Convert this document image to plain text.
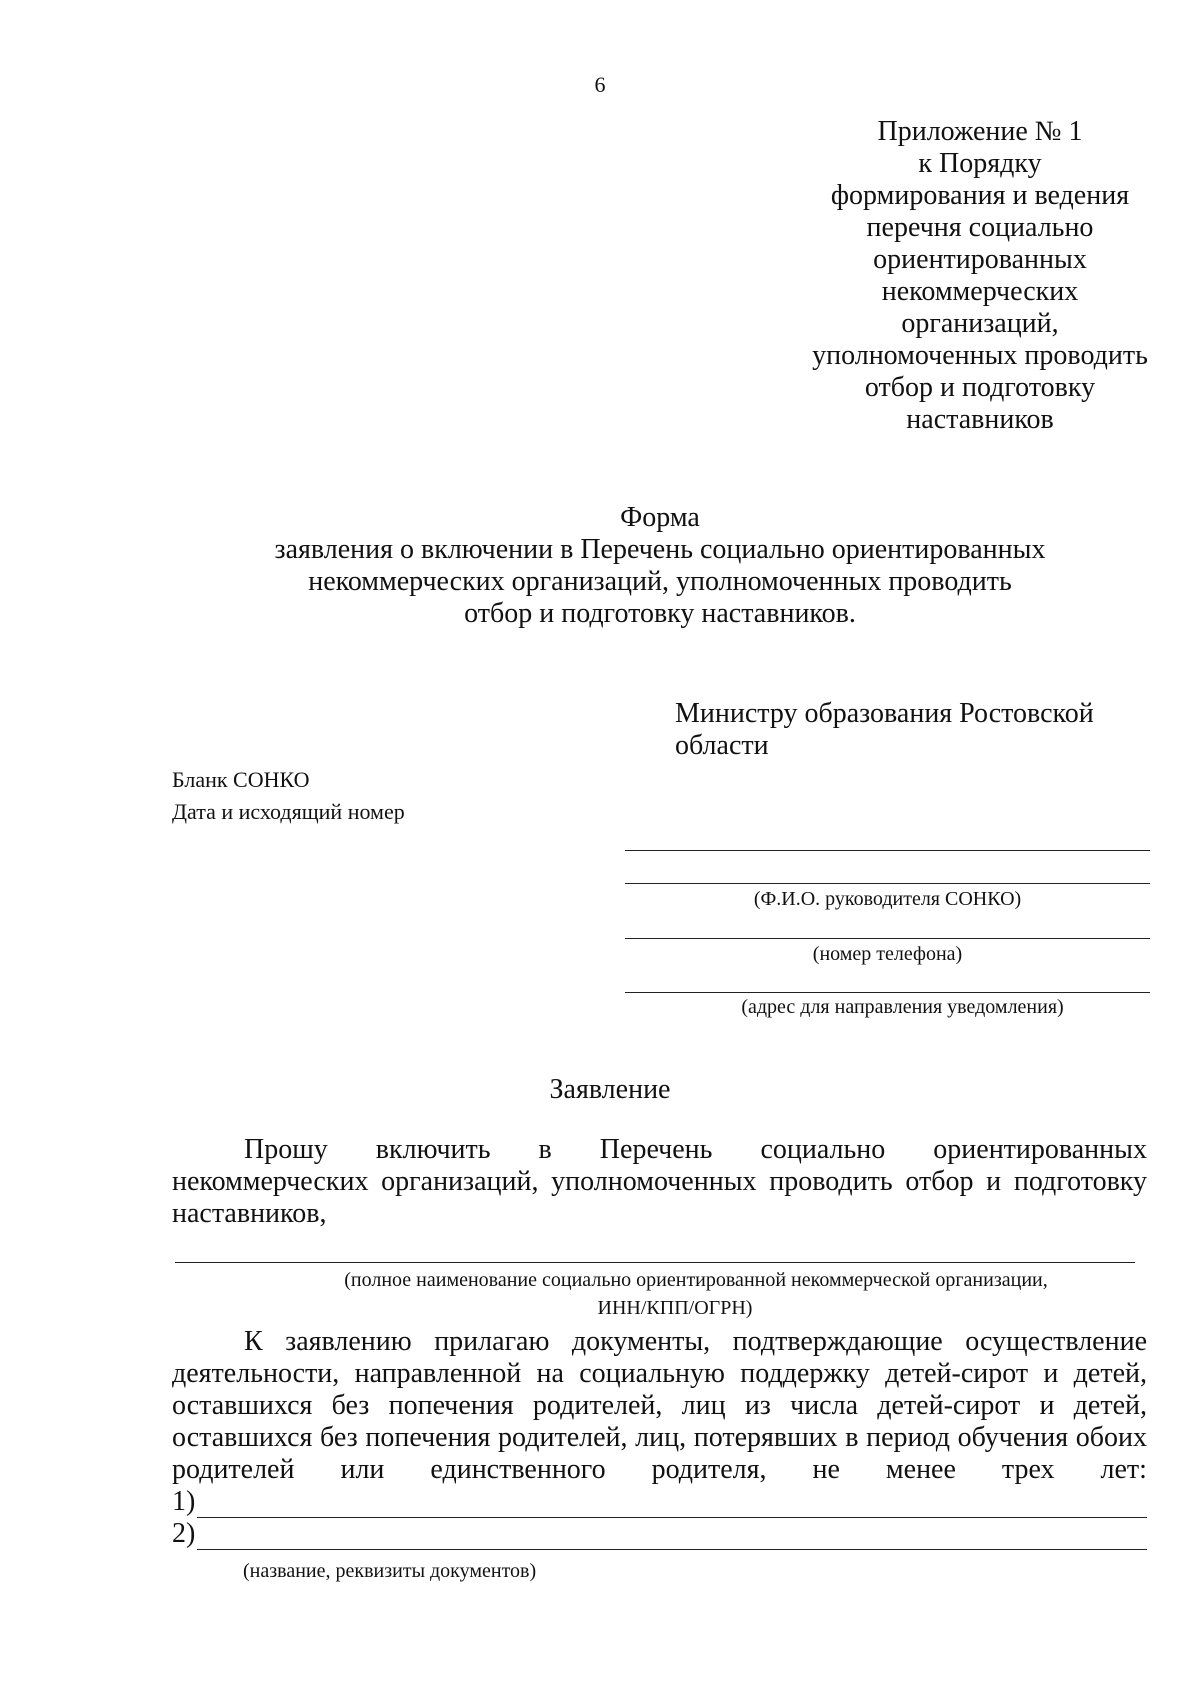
6
Приложение № 1
к Порядку
формирования и ведения
перечня социально
ориентированных
некоммерческих
организаций,
уполномоченных проводить
отбор и подготовку
наставников
Форма
заявления о включении в Перечень социально ориентированных
некоммерческих организаций, уполномоченных проводить
отбор и подготовку наставников.
Министру образования Ростовской
области
Бланк СОНКО
Дата и исходящий номер
(Ф.И.О. руководителя СОНКО)
(номер телефона)
(адрес для направления уведомления)
Заявление
Прошу включить в Перечень социально ориентированных
некоммерческих организаций, уполномоченных проводить отбор и подготовку
наставников,
(полное наименование социально ориентированной некоммерческой организации,
ИНН/КПП/ОГРН)
К заявлению прилагаю документы, подтверждающие осуществление
деятельности, направленной на социальную поддержку детей-сирот и детей,
оставшихся без попечения родителей, лиц из числа детей-сирот и детей,
оставшихся без попечения родителей, лиц, потерявших в период обучения обоих
родителей или единственного родителя, не менее трех лет:
1)
2)
(название, реквизиты документов)
